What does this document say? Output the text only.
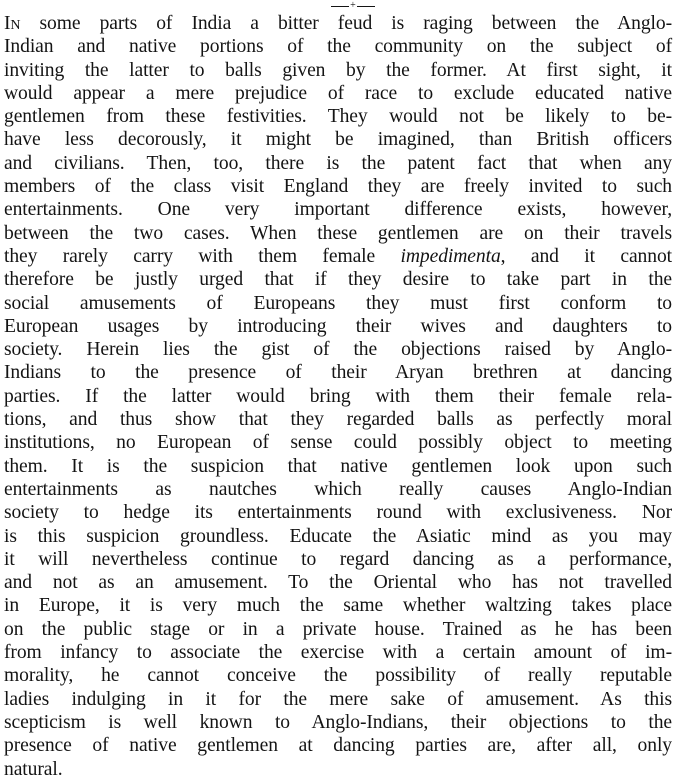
+
In some parts of India a bitter feud is raging between the Anglo-
Indian and native portions of the community on the subject of
inviting the latter to balls given by the former. At first sight, it
would appear a mere prejudice of race to exclude educated native
gentlemen from these festivities. They would not be likely to be-
have less decorously, it might be imagined, than British officers
and civilians. Then, too, there is the patent fact that when any
members of the class visit England they are freely invited to such
entertainments. One very important difference exists, however,
between the two cases. When these gentlemen are on their travels
they rarely carry with them female impedimenta, and it cannot
therefore be justly urged that if they desire to take part in the
social amusements of Europeans they must first conform to
European usages by introducing their wives and daughters to
society. Herein lies the gist of the objections raised by Anglo-
Indians to the presence of their Aryan brethren at dancing
parties. If the latter would bring with them their female rela-
tions, and thus show that they regarded balls as perfectly moral
institutions, no European of sense could possibly object to meeting
them. It is the suspicion that native gentlemen look upon such
entertainments as nautches which really causes Anglo-Indian
society to hedge its entertainments round with exclusiveness. Nor
is this suspicion groundless. Educate the Asiatic mind as you may
it will nevertheless continue to regard dancing as a performance,
and not as an amusement. To the Oriental who has not travelled
in Europe, it is very much the same whether waltzing takes place
on the public stage or in a private house. Trained as he has been
from infancy to associate the exercise with a certain amount of im-
morality, he cannot conceive the possibility of really reputable
ladies indulging in it for the mere sake of amusement. As this
scepticism is well known to Anglo-Indians, their objections to the
presence of native gentlemen at dancing parties are, after all, only
natural.
